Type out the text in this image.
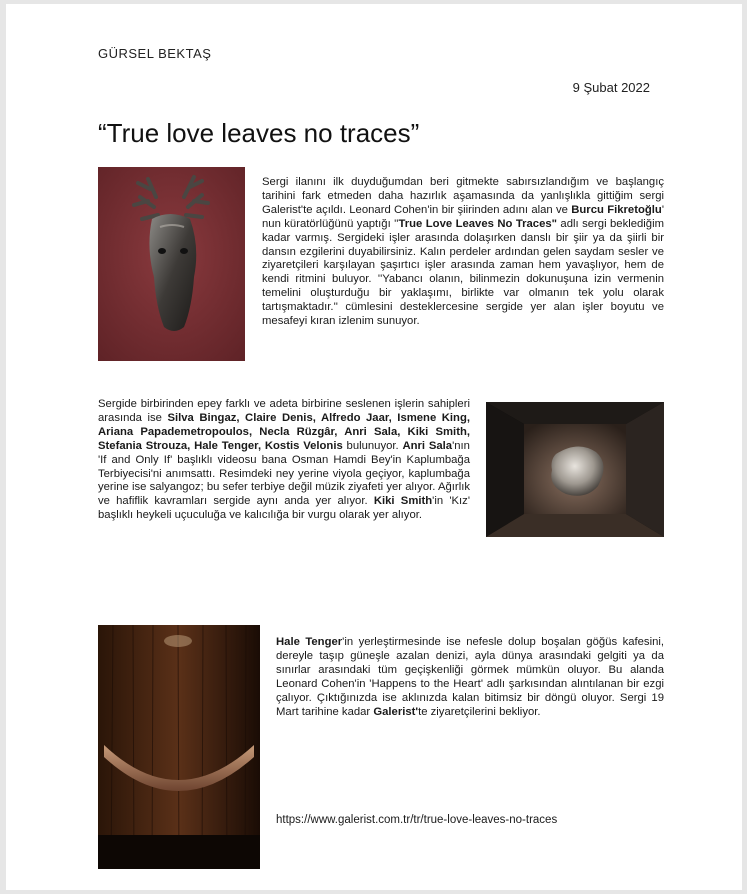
GÜRSEL BEKTAŞ
9 Şubat 2022
“True love leaves no traces”

Sergi ilanını ilk duyduğumdan beri gitmekte sabırsızlandığım ve başlangıç tarihini fark etmeden daha hazırlık aşamasında da yanlışlıkla gittiğim sergi Galerist'te açıldı. Leonard Cohen'in bir şiirinden adını alan ve Burcu Fikretoğlu' nun küratörlüğünü yaptığı ''True Love Leaves No Traces" adlı sergi beklediğim kadar varmış. Sergideki işler arasında dolaşırken danslı bir şiir ya da şiirli bir dansın ezgilerini duyabilirsiniz. Kalın perdeler ardından gelen saydam sesler ve ziyaretçileri karşılayan şaşırtıcı işler arasında zaman hem yavaşlıyor, hem de kendi ritmini buluyor. ''Yabancı olanın, bilinmezin dokunuşuna izin vermenin temelini oluşturduğu bir yaklaşımı, birlikte var olmanın tek yolu olarak tartışmaktadır.'' cümlesini desteklercesine sergide yer alan işler boyutu ve mesafeyi kıran izlenim sunuyor.

Sergide birbirinden epey farklı ve adeta birbirine seslenen işlerin sahipleri arasında ise Silva Bingaz, Claire Denis, Alfredo Jaar, Ismene King, Ariana Papademetropoulos, Necla Rüzgâr, Anri Sala, Kiki Smith, Stefania Strouza, Hale Tenger, Kostis Velonis bulunuyor. Anri Sala'nın 'If and Only If' başlıklı videosu bana Osman Hamdi Bey'in Kaplumbağa Terbiyecisi'ni anımsattı. Resimdeki ney yerine viyola geçiyor, kaplumbağa yerine ise salyangoz; bu sefer terbiye değil müzik ziyafeti yer alıyor. Ağırlık ve hafiflik kavramları sergide aynı anda yer alıyor. Kiki Smith'in 'Kız' başlıklı heykeli uçuculuğa ve kalıcılığa bir vurgu olarak yer alıyor.

Hale Tenger'in yerleştirmesinde ise nefesle dolup boşalan göğüs kafesini, dereyle taşıp güneşle azalan denizi, ayla dünya arasındaki gelgiti ya da sınırlar arasındaki tüm geçişkenliği görmek mümkün oluyor. Bu alanda Leonard Cohen'in 'Happens to the Heart' adlı şarkısından alıntılanan bir ezgi çalıyor. Çıktığınızda ise aklınızda kalan bitimsiz bir döngü oluyor. Sergi 19 Mart tarihine kadar Galerist'te ziyaretçilerini bekliyor.

https://www.galerist.com.tr/tr/true-love-leaves-no-traces
